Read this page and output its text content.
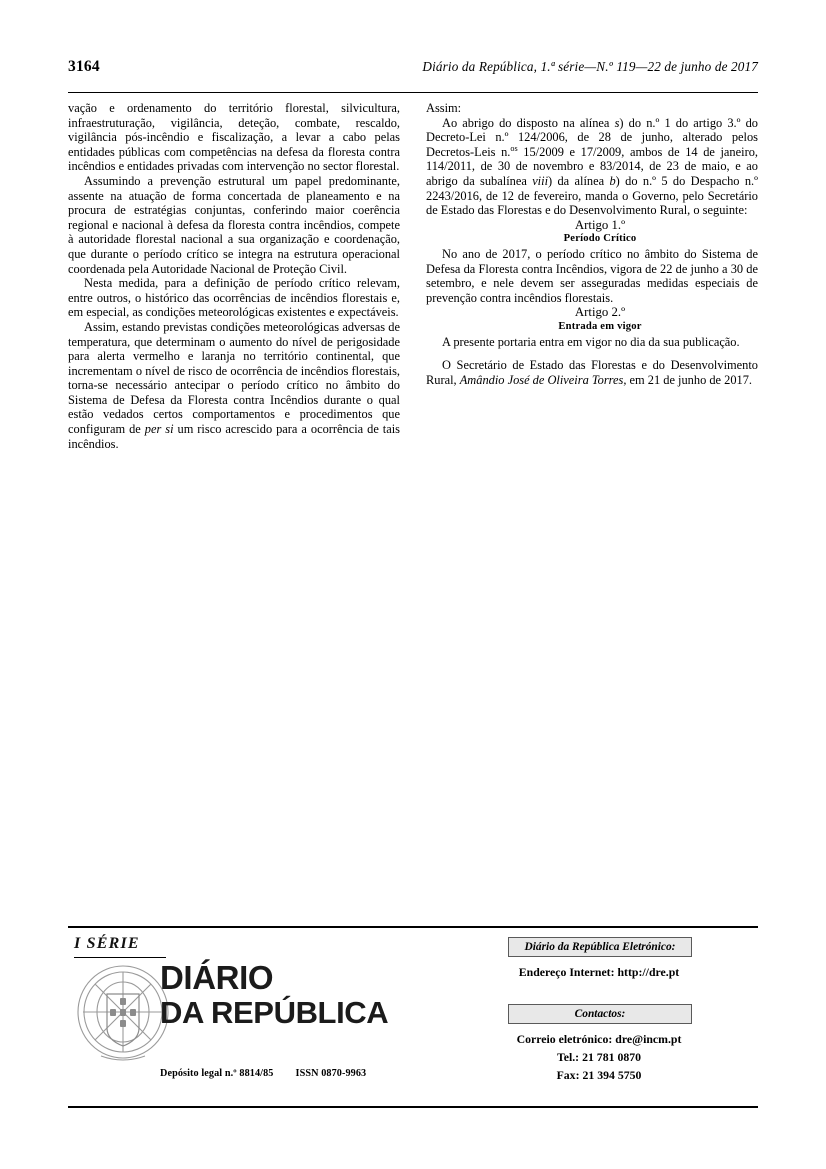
3164	Diário da República, 1.ª série—N.º 119—22 de junho de 2017

vação e ordenamento do território florestal, silvicultura, infraestruturação, vigilância, deteção, combate, rescaldo, vigilância pós-incêndio e fiscalização, a levar a cabo pelas entidades públicas com competências na defesa da floresta contra incêndios e entidades privadas com intervenção no sector florestal.

Assumindo a prevenção estrutural um papel predominante, assente na atuação de forma concertada de planeamento e na procura de estratégias conjuntas, conferindo maior coerência regional e nacional à defesa da floresta contra incêndios, compete à autoridade florestal nacional a sua organização e coordenação, que durante o período crítico se integra na estrutura operacional coordenada pela Autoridade Nacional de Proteção Civil.

Nesta medida, para a definição de período crítico relevam, entre outros, o histórico das ocorrências de incêndios florestais e, em especial, as condições meteorológicas existentes e expectáveis.

Assim, estando previstas condições meteorológicas adversas de temperatura, que determinam o aumento do nível de perigosidade para alerta vermelho e laranja no território continental, que incrementam o nível de risco de ocorrência de incêndios florestais, torna-se necessário antecipar o período crítico no âmbito do Sistema de Defesa da Floresta contra Incêndios durante o qual estão vedados certos comportamentos e procedimentos que configuram de per si um risco acrescido para a ocorrência de tais incêndios.

Assim:

Ao abrigo do disposto na alínea s) do n.º 1 do artigo 3.º do Decreto-Lei n.º 124/2006, de 28 de junho, alterado pelos Decretos-Leis n.$^{os}$ 15/2009 e 17/2009, ambos de 14 de janeiro, 114/2011, de 30 de novembro e 83/2014, de 23 de maio, e ao abrigo da subalínea viii) da alínea b) do n.º 5 do Despacho n.º 2243/2016, de 12 de fevereiro, manda o Governo, pelo Secretário de Estado das Florestas e do Desenvolvimento Rural, o seguinte:

Artigo 1.º

Período Crítico

No ano de 2017, o período crítico no âmbito do Sistema de Defesa da Floresta contra Incêndios, vigora de 22 de junho a 30 de setembro, e nele devem ser asseguradas medidas especiais de prevenção contra incêndios florestais.

Artigo 2.º

Entrada em vigor

A presente portaria entra em vigor no dia da sua publicação.

O Secretário de Estado das Florestas e do Desenvolvimento Rural, Amândio José de Oliveira Torres, em 21 de junho de 2017.

I SÉRIE
DIÁRIO
DA REPÚBLICA
Depósito legal n.º 8814/85 ISSN 0870-9963
Diário da República Eletrónico:
Endereço Internet: http://dre.pt
Contactos:
Correio eletrónico: dre@incm.pt
Tel.: 21 781 0870
Fax: 21 394 5750
